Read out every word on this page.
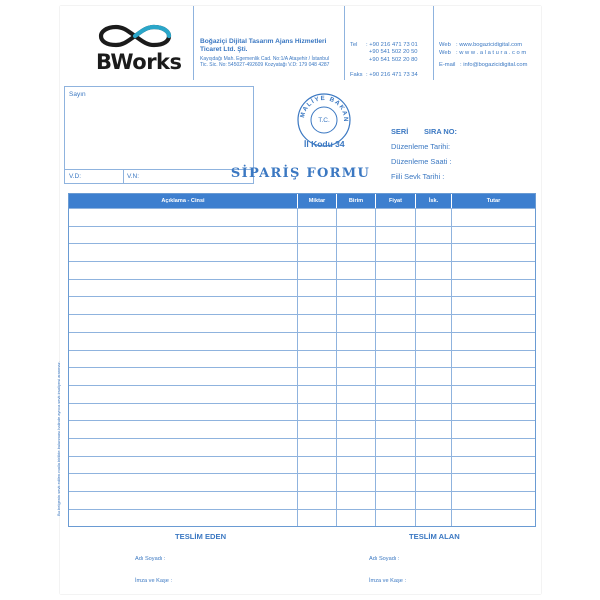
BWorks
Boğaziçi Dijital Tasarım Ajans Hizmetleri
Ticaret Ltd. Şti.
Kayışdağı Mah. Egemenlik Cad. No:1/A Ataşehir / İstanbul
Tic. Sic. No: 545027-492609 Kozyatağı V.D: 179 048 4287
Tel : +90 216 471 73 01
+90 541 502 20 50
+90 541 502 20 80
Faks : +90 216 471 73 34
Web : www.bogazicidigital.com
Web : w w w . a l a t u r a . c o m
E-mail : info@bogazicidigital.com
Sayın
V.D:	V.N:
MALİYE BAKAN
T.C.
İl Kodu 34
SERİ SIRA NO:
Düzenleme Tarihi:
Düzenleme Saati :
Fiili Sevk Tarihi :
SİPARİŞ FORMU
Açıklama - Cinsi	Miktar	Birim	Fiyat	İsk.	Tutar
Bu belgenin sevk edilen malla birlikte bulunması halinde ayrıca sevk irsaliyesi aranmaz.
TESLİM EDEN	TESLİM ALAN
Adı Soyadı :	Adı Soyadı :
İmza ve Kaşe :	İmza ve Kaşe :
